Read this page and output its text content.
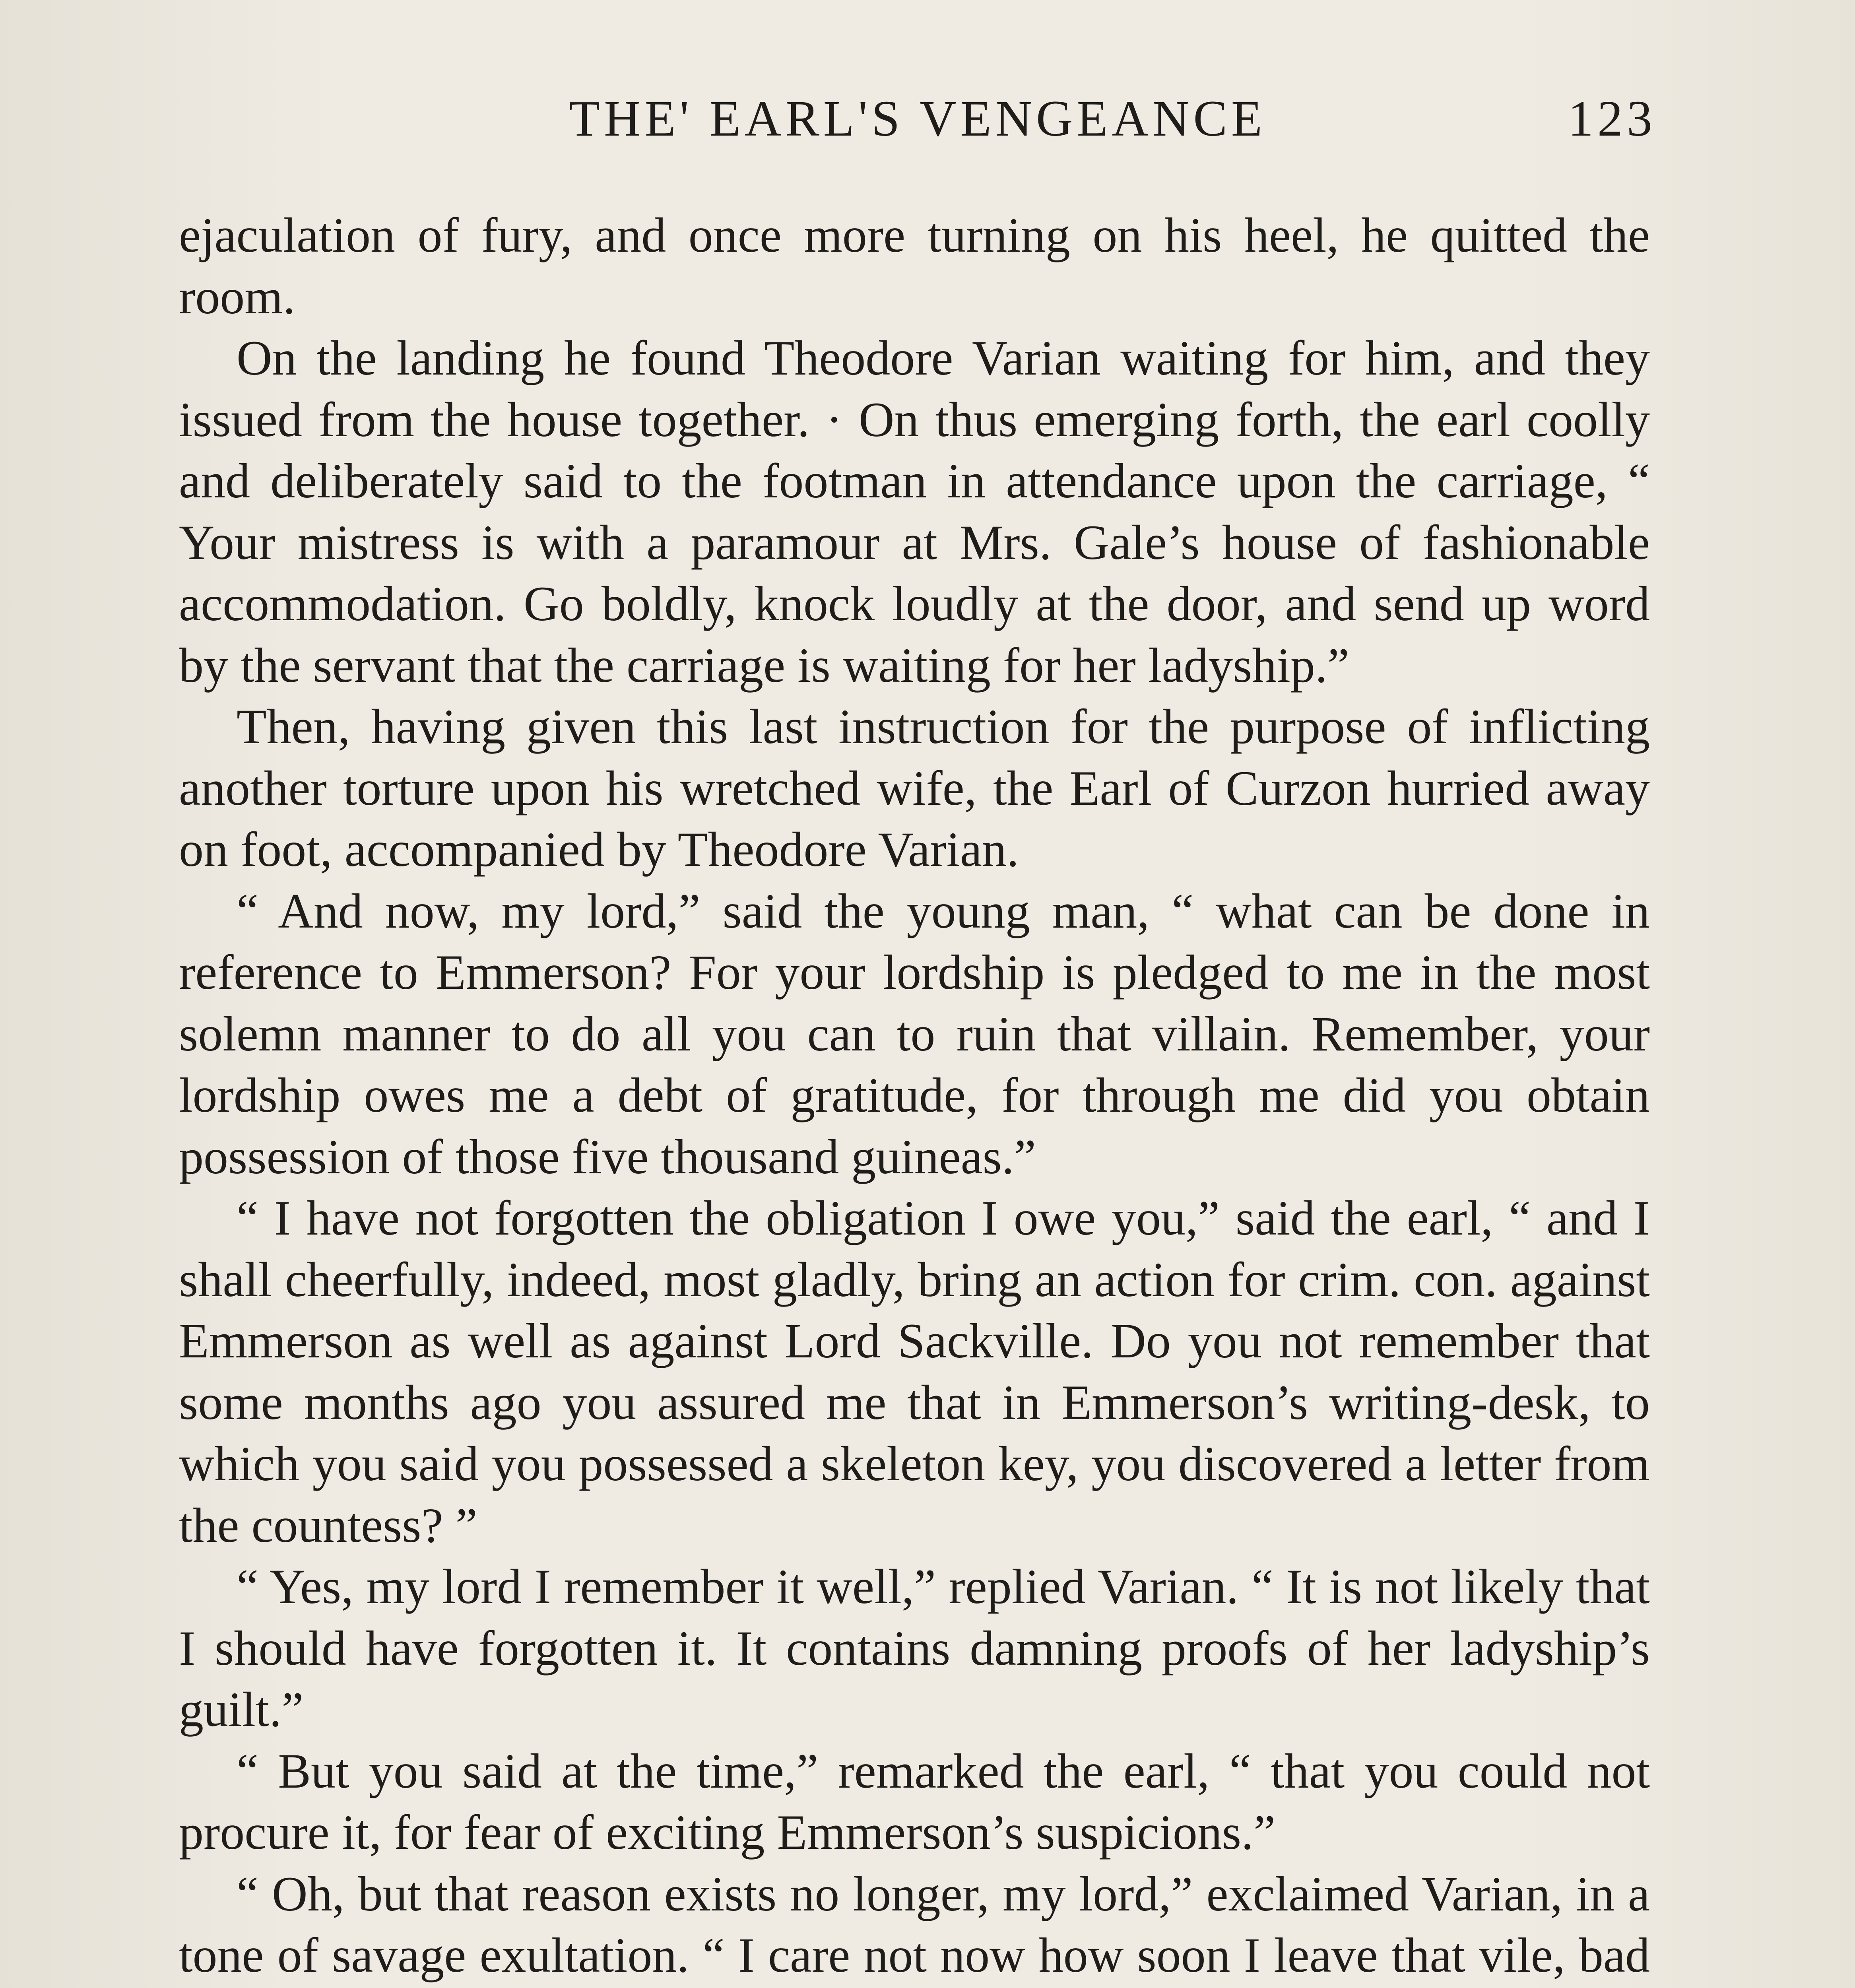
THE' EARL'S VENGEANCE	123

ejaculation of fury, and once more turning on his heel, he quitted the room.

On the landing he found Theodore Varian waiting for him, and they issued from the house together. · On thus emerging forth, the earl coolly and deliberately said to the footman in attendance upon the carriage, “ Your mistress is with a paramour at Mrs. Gale’s house of fashionable accommodation. Go boldly, knock loudly at the door, and send up word by the servant that the carriage is waiting for her ladyship.”

Then, having given this last instruction for the purpose of inflicting another torture upon his wretched wife, the Earl of Curzon hurried away on foot, accompanied by Theodore Varian.

“ And now, my lord,” said the young man, “ what can be done in reference to Emmerson? For your lordship is pledged to me in the most solemn manner to do all you can to ruin that villain. Remember, your lordship owes me a debt of gratitude, for through me did you obtain possession of those five thousand guineas.”

“ I have not forgotten the obligation I owe you,” said the earl, “ and I shall cheerfully, indeed, most gladly, bring an action for crim. con. against Emmerson as well as against Lord Sackville. Do you not remember that some months ago you assured me that in Emmerson’s writing-desk, to which you said you possessed a skeleton key, you discovered a letter from the countess? ”

“ Yes, my lord I remember it well,” replied Varian. “ It is not likely that I should have forgotten it. It contains damning proofs of her ladyship’s guilt.”

“ But you said at the time,” remarked the earl, “ that you could not procure it, for fear of exciting Emmerson’s suspicions.”

“ Oh, but that reason exists no longer, my lord,” exclaimed Varian, in a tone of savage exultation. “ I care not now how soon I leave that vile, bad
